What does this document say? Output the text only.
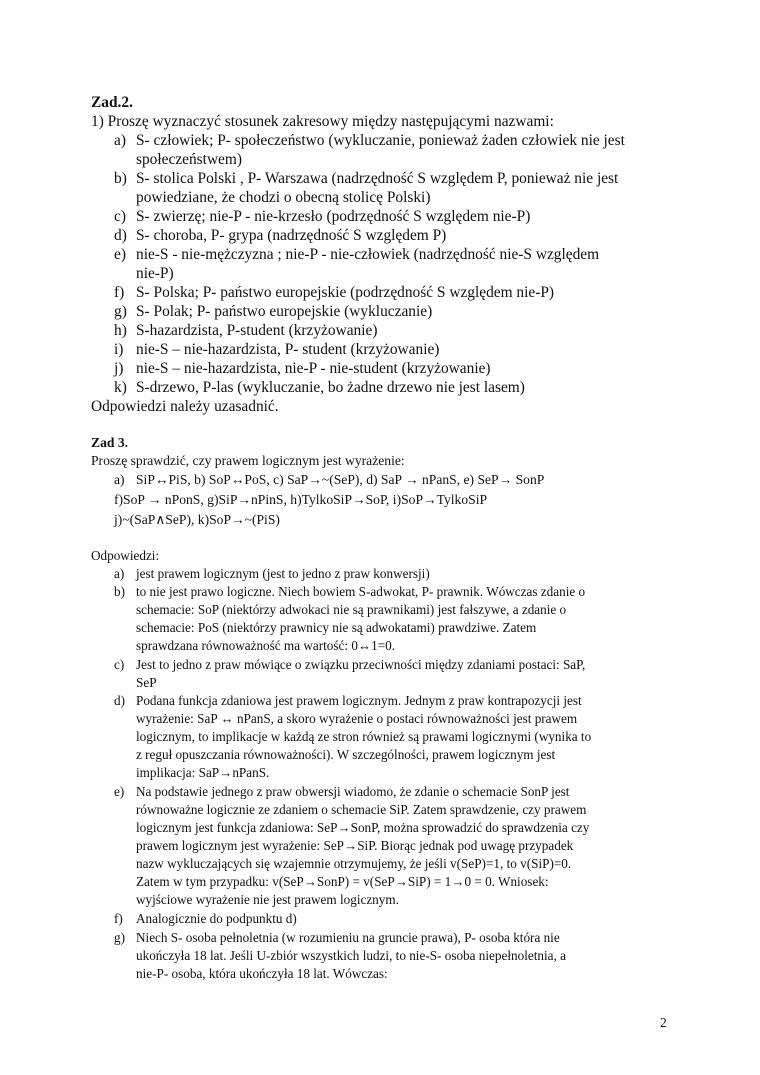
Zad.2.
1) Proszę wyznaczyć stosunek zakresowy między następującymi nazwami:
a) S- człowiek; P- społeczeństwo (wykluczanie, ponieważ żaden człowiek nie jest
społeczeństwem)
b) S- stolica Polski , P- Warszawa (nadrzędność S względem P, ponieważ nie jest
powiedziane, że chodzi o obecną stolicę Polski)
c) S- zwierzę; nie-P - nie-krzesło (podrzędność S względem nie-P)
d) S- choroba, P- grypa (nadrzędność S względem P)
e) nie-S - nie-mężczyzna ; nie-P - nie-człowiek (nadrzędność nie-S względem
nie-P)
f) S- Polska; P- państwo europejskie (podrzędność S względem nie-P)
g) S- Polak; P- państwo europejskie (wykluczanie)
h) S-hazardzista, P-student (krzyżowanie)
i) nie-S – nie-hazardzista, P- student (krzyżowanie)
j) nie-S – nie-hazardzista, nie-P - nie-student (krzyżowanie)
k) S-drzewo, P-las (wykluczanie, bo żadne drzewo nie jest lasem)
Odpowiedzi należy uzasadnić.
Zad 3.
Proszę sprawdzić, czy prawem logicznym jest wyrażenie:
a) SiP↔PiS, b) SoP↔PoS, c) SaP→~(SeP), d) SaP → nPanS, e) SeP→ SonP
f)SoP → nPonS, g)SiP→nPinS, h)TylkoSiP→SoP, i)SoP→TylkoSiP
j)~(SaP∧SeP), k)SoP→~(PiS)
Odpowiedzi:
a) jest prawem logicznym (jest to jedno z praw konwersji)
b) to nie jest prawo logiczne. Niech bowiem S-adwokat, P- prawnik. Wówczas zdanie o
schemacie: SoP (niektórzy adwokaci nie są prawnikami) jest fałszywe, a zdanie o
schemacie: PoS (niektórzy prawnicy nie są adwokatami) prawdziwe. Zatem
sprawdzana równoważność ma wartość: 0↔1=0.
c) Jest to jedno z praw mówiące o związku przeciwności między zdaniami postaci: SaP,
SeP
d) Podana funkcja zdaniowa jest prawem logicznym. Jednym z praw kontrapozycji jest
wyrażenie: SaP ↔ nPanS, a skoro wyrażenie o postaci równoważności jest prawem
logicznym, to implikacje w każdą ze stron również są prawami logicznymi (wynika to
z reguł opuszczania równoważności). W szczególności, prawem logicznym jest
implikacja: SaP→nPanS.
e) Na podstawie jednego z praw obwersji wiadomo, że zdanie o schemacie SonP jest
równoważne logicznie ze zdaniem o schemacie SiP. Zatem sprawdzenie, czy prawem
logicznym jest funkcja zdaniowa: SeP→SonP, można sprowadzić do sprawdzenia czy
prawem logicznym jest wyrażenie: SeP→SiP. Biorąc jednak pod uwagę przypadek
nazw wykluczających się wzajemnie otrzymujemy, że jeśli v(SeP)=1, to v(SiP)=0.
Zatem w tym przypadku: v(SeP→SonP) = v(SeP→SiP) = 1→0 = 0. Wniosek:
wyjściowe wyrażenie nie jest prawem logicznym.
f) Analogicznie do podpunktu d)
g) Niech S- osoba pełnoletnia (w rozumieniu na gruncie prawa), P- osoba która nie
ukończyła 18 lat. Jeśli U-zbiór wszystkich ludzi, to nie-S- osoba niepełnoletnia, a
nie-P- osoba, która ukończyła 18 lat. Wówczas:
2
